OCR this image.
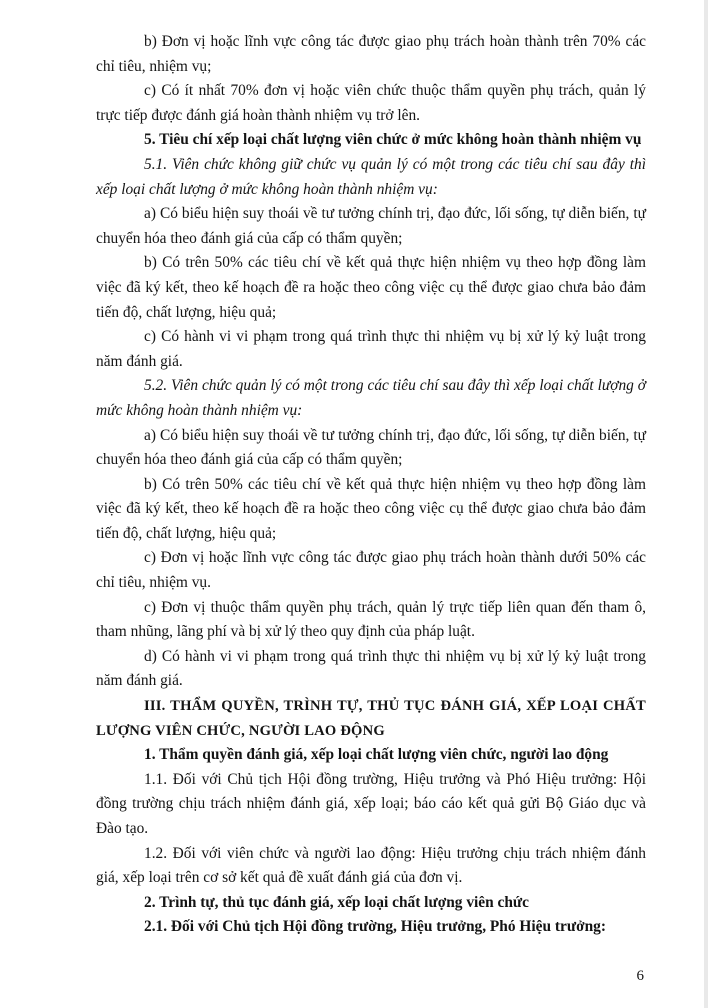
b) Đơn vị hoặc lĩnh vực công tác được giao phụ trách hoàn thành trên 70% các chỉ tiêu, nhiệm vụ;

c) Có ít nhất 70% đơn vị hoặc viên chức thuộc thẩm quyền phụ trách, quản lý trực tiếp được đánh giá hoàn thành nhiệm vụ trở lên.

5. Tiêu chí xếp loại chất lượng viên chức ở mức không hoàn thành nhiệm vụ

5.1. Viên chức không giữ chức vụ quản lý có một trong các tiêu chí sau đây thì xếp loại chất lượng ở mức không hoàn thành nhiệm vụ:

a) Có biểu hiện suy thoái về tư tưởng chính trị, đạo đức, lối sống, tự diễn biến, tự chuyển hóa theo đánh giá của cấp có thẩm quyền;

b) Có trên 50% các tiêu chí về kết quả thực hiện nhiệm vụ theo hợp đồng làm việc đã ký kết, theo kế hoạch đề ra hoặc theo công việc cụ thể được giao chưa bảo đảm tiến độ, chất lượng, hiệu quả;

c) Có hành vi vi phạm trong quá trình thực thi nhiệm vụ bị xử lý kỷ luật trong năm đánh giá.

5.2. Viên chức quản lý có một trong các tiêu chí sau đây thì xếp loại chất lượng ở mức không hoàn thành nhiệm vụ:

a) Có biểu hiện suy thoái về tư tưởng chính trị, đạo đức, lối sống, tự diễn biến, tự chuyển hóa theo đánh giá của cấp có thẩm quyền;

b) Có trên 50% các tiêu chí về kết quả thực hiện nhiệm vụ theo hợp đồng làm việc đã ký kết, theo kế hoạch đề ra hoặc theo công việc cụ thể được giao chưa bảo đảm tiến độ, chất lượng, hiệu quả;

c) Đơn vị hoặc lĩnh vực công tác được giao phụ trách hoàn thành dưới 50% các chỉ tiêu, nhiệm vụ.

c) Đơn vị thuộc thẩm quyền phụ trách, quản lý trực tiếp liên quan đến tham ô, tham nhũng, lãng phí và bị xử lý theo quy định của pháp luật.

d) Có hành vi vi phạm trong quá trình thực thi nhiệm vụ bị xử lý kỷ luật trong năm đánh giá.

III. THẨM QUYỀN, TRÌNH TỰ, THỦ TỤC ĐÁNH GIÁ, XẾP LOẠI CHẤT LƯỢNG VIÊN CHỨC, NGƯỜI LAO ĐỘNG

1. Thẩm quyền đánh giá, xếp loại chất lượng viên chức, người lao động

1.1. Đối với Chủ tịch Hội đồng trường, Hiệu trưởng và Phó Hiệu trưởng: Hội đồng trường chịu trách nhiệm đánh giá, xếp loại; báo cáo kết quả gửi Bộ Giáo dục và Đào tạo.

1.2. Đối với viên chức và người lao động: Hiệu trưởng chịu trách nhiệm đánh giá, xếp loại trên cơ sở kết quả đề xuất đánh giá của đơn vị.

2. Trình tự, thủ tục đánh giá, xếp loại chất lượng viên chức

2.1. Đối với Chủ tịch Hội đồng trường, Hiệu trưởng, Phó Hiệu trưởng:

6
